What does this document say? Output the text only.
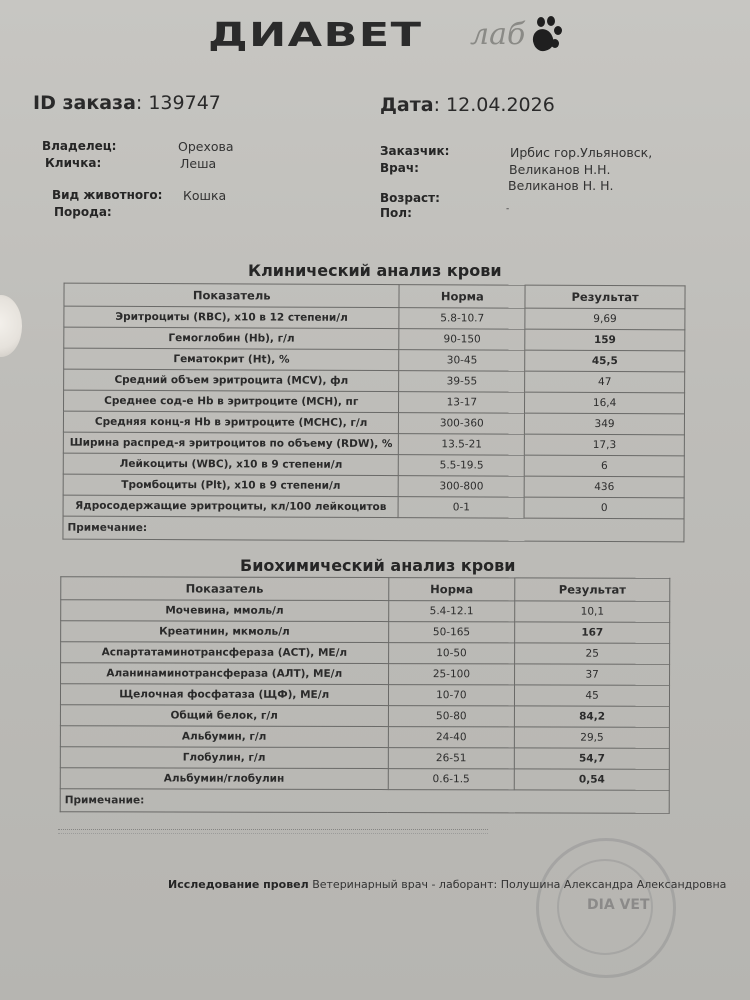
ДИАВЕТ	лаб
ID заказа: 139747	Дата: 12.04.2026
Владелец:	Орехова
Кличка:	Леша
Вид животного: Кошка
Порода:
Заказчик:	Ирбис гор.Ульяновск,
Врач:	Великанов Н.Н.
Великанов Н. Н.
Возраст:
Пол:	-
Клинический анализ крови
Показатель	Норма	Результат
Эритроциты (RBC), x10 в 12 степени/л	5.8-10.7	9,69
Гемоглобин (Hb), г/л	90-150	159
Гематокрит (Ht), %	30-45	45,5
Средний объем эритроцита (MCV), фл	39-55	47
Среднее сод-е Hb в эритроците (MCH), пг	13-17	16,4
Средняя конц-я Hb в эритроците (MCHC), г/л	300-360	349
Ширина распред-я эритроцитов по объему (RDW), %	13.5-21	17,3
Лейкоциты (WBC), x10 в 9 степени/л	5.5-19.5	6
Тромбоциты (Plt), x10 в 9 степени/л	300-800	436
Ядросодержащие эритроциты, кл/100 лейкоцитов	0-1	0
Примечание:		
Биохимический анализ крови
Показатель	Норма	Результат
Мочевина, ммоль/л	5.4-12.1	10,1
Креатинин, мкмоль/л	50-165	167
Аспартатаминотрансфераза (АСТ), МЕ/л	10-50	25
Аланинаминотрансфераза (АЛТ), МЕ/л	25-100	37
Щелочная фосфатаза (ЩФ), МЕ/л	10-70	45
Общий белок, г/л	50-80	84,2
Альбумин, г/л	24-40	29,5
Глобулин, г/л	26-51	54,7
Альбумин/глобулин	0.6-1.5	0,54
Примечание:		
DIA VET
Исследование провел Ветеринарный врач - лаборант: Полушина Александра Александровна
